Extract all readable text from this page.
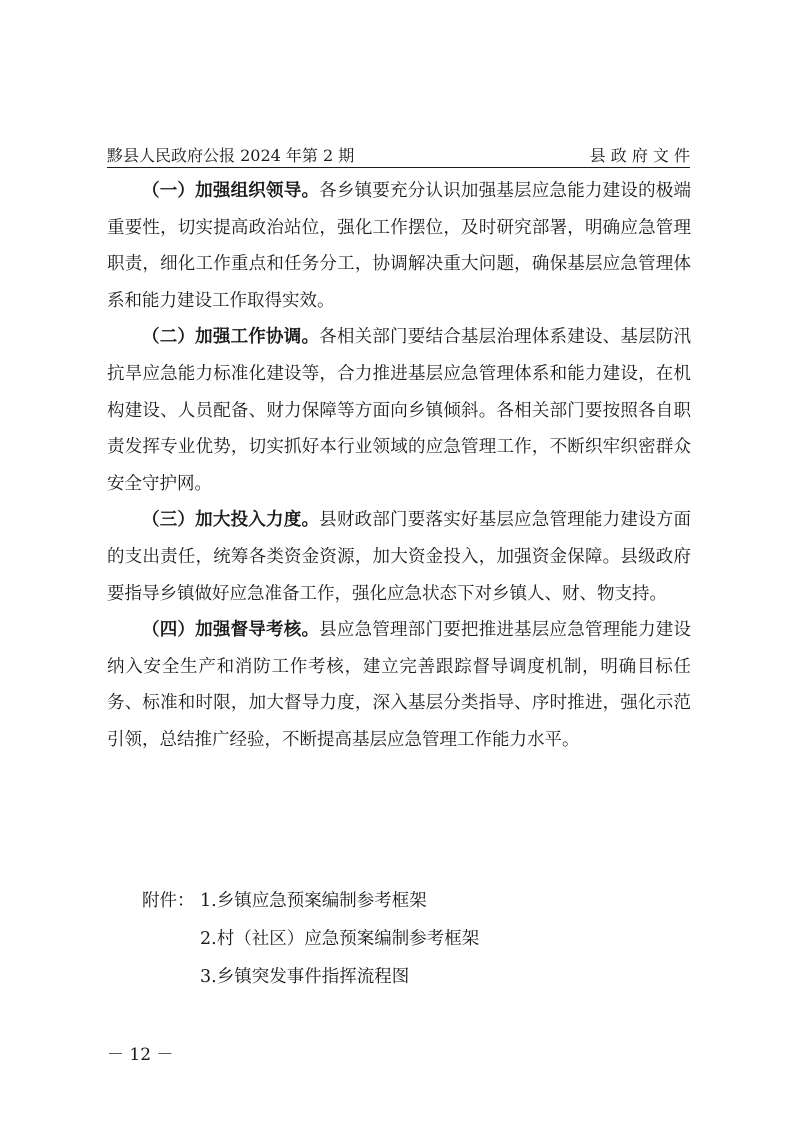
黟县人民政府公报 2024 年第 2 期	县 政 府 文 件

（一）加强组织领导。各乡镇要充分认识加强基层应急能力建设的极端重要性，切实提高政治站位，强化工作摆位，及时研究部署，明确应急管理职责，细化工作重点和任务分工，协调解决重大问题，确保基层应急管理体系和能力建设工作取得实效。

（二）加强工作协调。各相关部门要结合基层治理体系建设、基层防汛抗旱应急能力标准化建设等，合力推进基层应急管理体系和能力建设，在机构建设、人员配备、财力保障等方面向乡镇倾斜。各相关部门要按照各自职责发挥专业优势，切实抓好本行业领域的应急管理工作，不断织牢织密群众安全守护网。

（三）加大投入力度。县财政部门要落实好基层应急管理能力建设方面的支出责任，统筹各类资金资源，加大资金投入，加强资金保障。县级政府要指导乡镇做好应急准备工作，强化应急状态下对乡镇人、财、物支持。

（四）加强督导考核。县应急管理部门要把推进基层应急管理能力建设纳入安全生产和消防工作考核，建立完善跟踪督导调度机制，明确目标任务、标准和时限，加大督导力度，深入基层分类指导、序时推进，强化示范引领，总结推广经验，不断提高基层应急管理工作能力水平。

附件： 1.乡镇应急预案编制参考框架
2.村（社区）应急预案编制参考框架
3.乡镇突发事件指挥流程图
－ 12 －
